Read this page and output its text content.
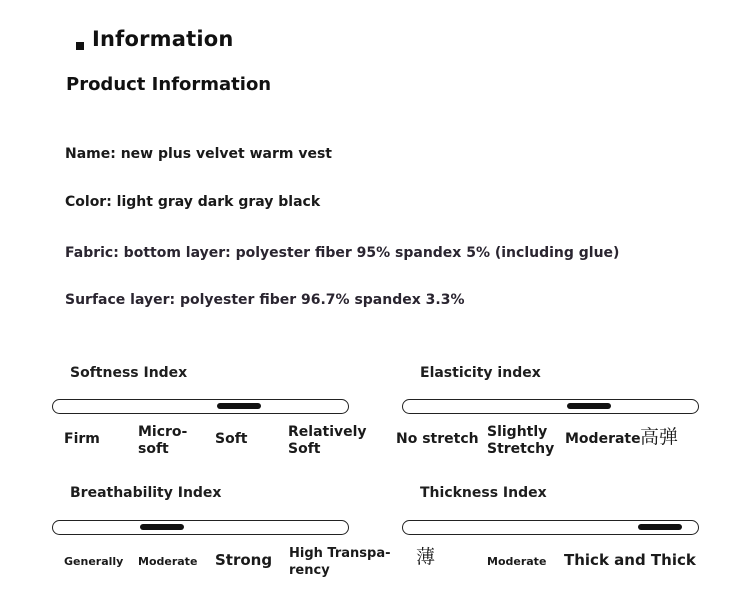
Information
Product Information
Name: new plus velvet warm vest
Color: light gray dark gray black
Fabric: bottom layer: polyester fiber 95% spandex 5% (including glue)
Surface layer: polyester fiber 96.7% spandex 3.3%
Softness Index
Firm	Micro-
soft
Soft	Relatively
Soft
Elasticity index
No stretch Slightly
Stretchy
Moderate 高弹
Breathability Index
Generally Moderate Strong High Transpa-
rency
Thickness Index
薄	Moderate Thick and Thick
